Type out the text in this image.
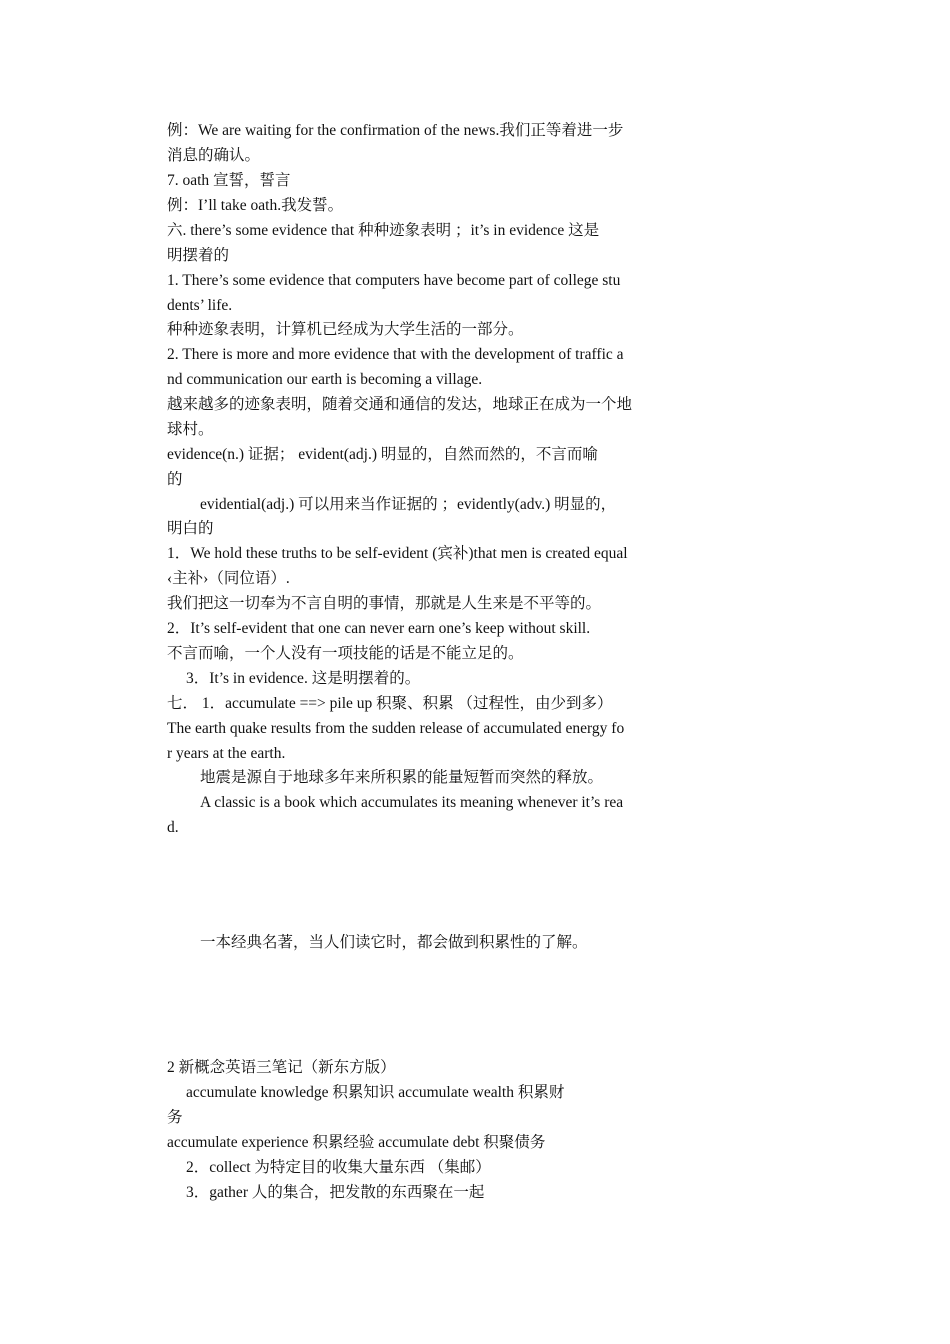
例：We are waiting for the confirmation of the news.我们正等着进一步
消息的确认。
7. oath 宣誓，誓言
例：I’ll take oath.我发誓。
六. there’s some evidence that 种种迹象表明 ；it’s in evidence 这是
明摆着的
1. There’s some evidence that computers have become part of college stu
dents’ life.
种种迹象表明，计算机已经成为大学生活的一部分。
2. There is more and more evidence that with the development of traffic a
nd communication our earth is becoming a village.
越来越多的迹象表明，随着交通和通信的发达，地球正在成为一个地
球村。
evidence(n.) 证据； evident(adj.) 明显的，自然而然的，不言而喻
的
evidential(adj.) 可以用来当作证据的 ；evidently(adv.) 明显的，
明白的
1．We hold these truths to be self-evident (宾补)that men is created equal
‹主补›（同位语）.
我们把这一切奉为不言自明的事情，那就是人生来是不平等的。
2．It’s self-evident that one can never earn one’s keep without skill.
不言而喻，一个人没有一项技能的话是不能立足的。
3．It’s in evidence. 这是明摆着的。
七． 1．accumulate ==> pile up 积聚、积累 （过程性，由少到多）
The earth quake results from the sudden release of accumulated energy fo
r years at the earth.
地震是源自于地球多年来所积累的能量短暂而突然的释放。
A classic is a book which accumulates its meaning whenever it’s rea
d.
一本经典名著，当人们读它时，都会做到积累性的了解。
2 新概念英语三笔记（新东方版）
accumulate knowledge 积累知识 accumulate wealth 积累财
务
accumulate experience 积累经验 accumulate debt 积聚债务
2．collect 为特定目的收集大量东西 （集邮）
3．gather 人的集合，把发散的东西聚在一起
